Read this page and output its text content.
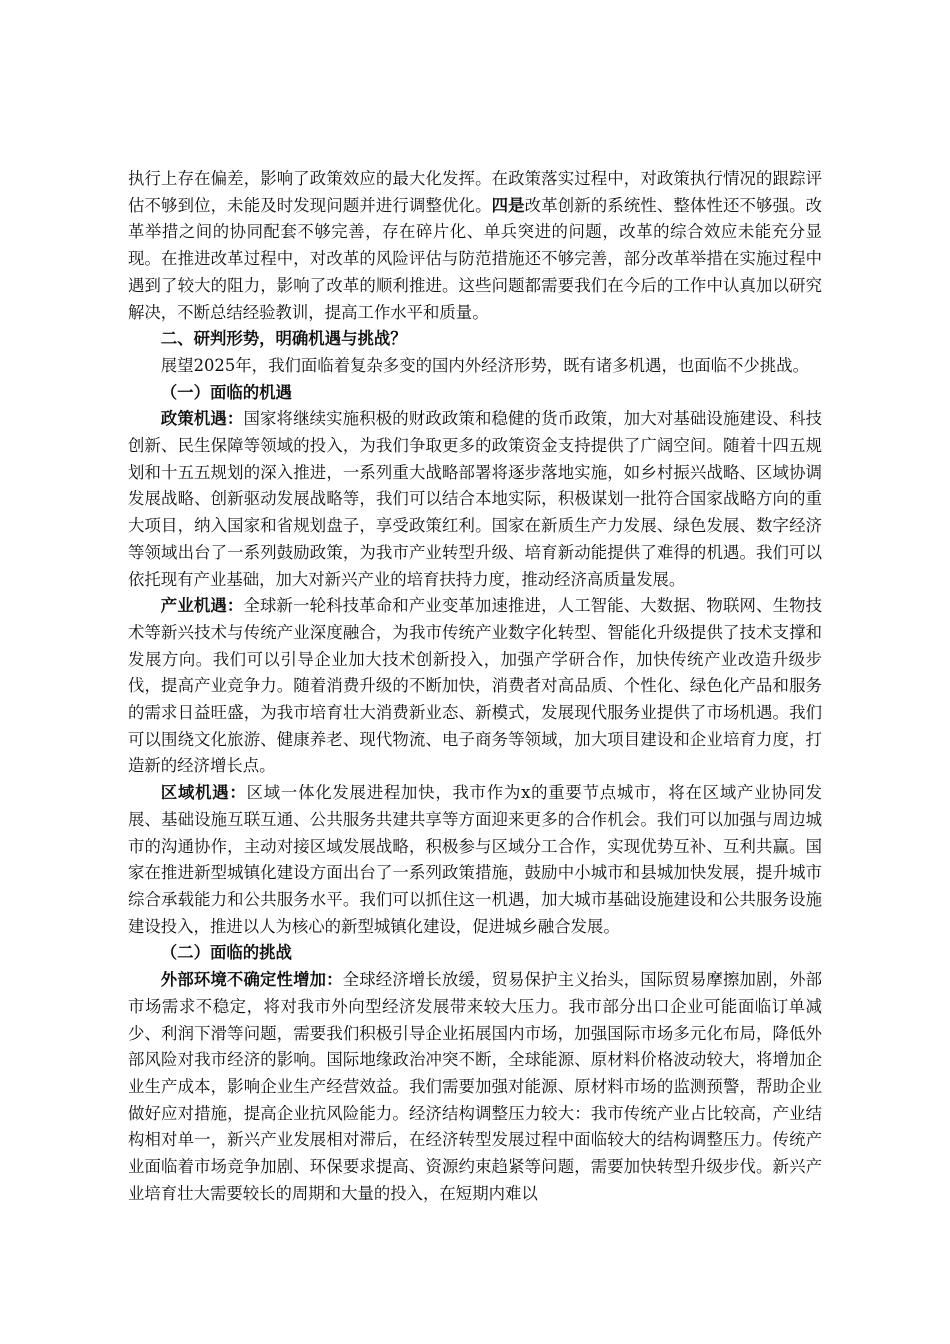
执行上存在偏差，影响了政策效应的最大化发挥。在政策落实过程中，对政策执行情况的跟踪评估不够到位，未能及时发现问题并进行调整优化。四是改革创新的系统性、整体性还不够强。改革举措之间的协同配套不够完善，存在碎片化、单兵突进的问题，改革的综合效应未能充分显现。在推进改革过程中，对改革的风险评估与防范措施还不够完善，部分改革举措在实施过程中遇到了较大的阻力，影响了改革的顺利推进。这些问题都需要我们在今后的工作中认真加以研究解决，不断总结经验教训，提高工作水平和质量。

二、研判形势，明确机遇与挑战？

展望2025年，我们面临着复杂多变的国内外经济形势，既有诸多机遇，也面临不少挑战。

（一）面临的机遇

政策机遇：国家将继续实施积极的财政政策和稳健的货币政策，加大对基础设施建设、科技创新、民生保障等领域的投入，为我们争取更多的政策资金支持提供了广阔空间。随着十四五规划和十五五规划的深入推进，一系列重大战略部署将逐步落地实施，如乡村振兴战略、区域协调发展战略、创新驱动发展战略等，我们可以结合本地实际，积极谋划一批符合国家战略方向的重大项目，纳入国家和省规划盘子，享受政策红利。国家在新质生产力发展、绿色发展、数字经济等领域出台了一系列鼓励政策，为我市产业转型升级、培育新动能提供了难得的机遇。我们可以依托现有产业基础，加大对新兴产业的培育扶持力度，推动经济高质量发展。

产业机遇：全球新一轮科技革命和产业变革加速推进，人工智能、大数据、物联网、生物技术等新兴技术与传统产业深度融合，为我市传统产业数字化转型、智能化升级提供了技术支撑和发展方向。我们可以引导企业加大技术创新投入，加强产学研合作，加快传统产业改造升级步伐，提高产业竞争力。随着消费升级的不断加快，消费者对高品质、个性化、绿色化产品和服务的需求日益旺盛，为我市培育壮大消费新业态、新模式，发展现代服务业提供了市场机遇。我们可以围绕文化旅游、健康养老、现代物流、电子商务等领域，加大项目建设和企业培育力度，打造新的经济增长点。

区域机遇：区域一体化发展进程加快，我市作为x的重要节点城市，将在区域产业协同发展、基础设施互联互通、公共服务共建共享等方面迎来更多的合作机会。我们可以加强与周边城市的沟通协作，主动对接区域发展战略，积极参与区域分工合作，实现优势互补、互利共赢。国家在推进新型城镇化建设方面出台了一系列政策措施，鼓励中小城市和县城加快发展，提升城市综合承载能力和公共服务水平。我们可以抓住这一机遇，加大城市基础设施建设和公共服务设施建设投入，推进以人为核心的新型城镇化建设，促进城乡融合发展。

（二）面临的挑战

外部环境不确定性增加：全球经济增长放缓，贸易保护主义抬头，国际贸易摩擦加剧，外部市场需求不稳定，将对我市外向型经济发展带来较大压力。我市部分出口企业可能面临订单减少、利润下滑等问题，需要我们积极引导企业拓展国内市场，加强国际市场多元化布局，降低外部风险对我市经济的影响。国际地缘政治冲突不断，全球能源、原材料价格波动较大，将增加企业生产成本，影响企业生产经营效益。我们需要加强对能源、原材料市场的监测预警，帮助企业做好应对措施，提高企业抗风险能力。经济结构调整压力较大：我市传统产业占比较高，产业结构相对单一，新兴产业发展相对滞后，在经济转型发展过程中面临较大的结构调整压力。传统产业面临着市场竞争加剧、环保要求提高、资源约束趋紧等问题，需要加快转型升级步伐。新兴产业培育壮大需要较长的周期和大量的投入，在短期内难以
